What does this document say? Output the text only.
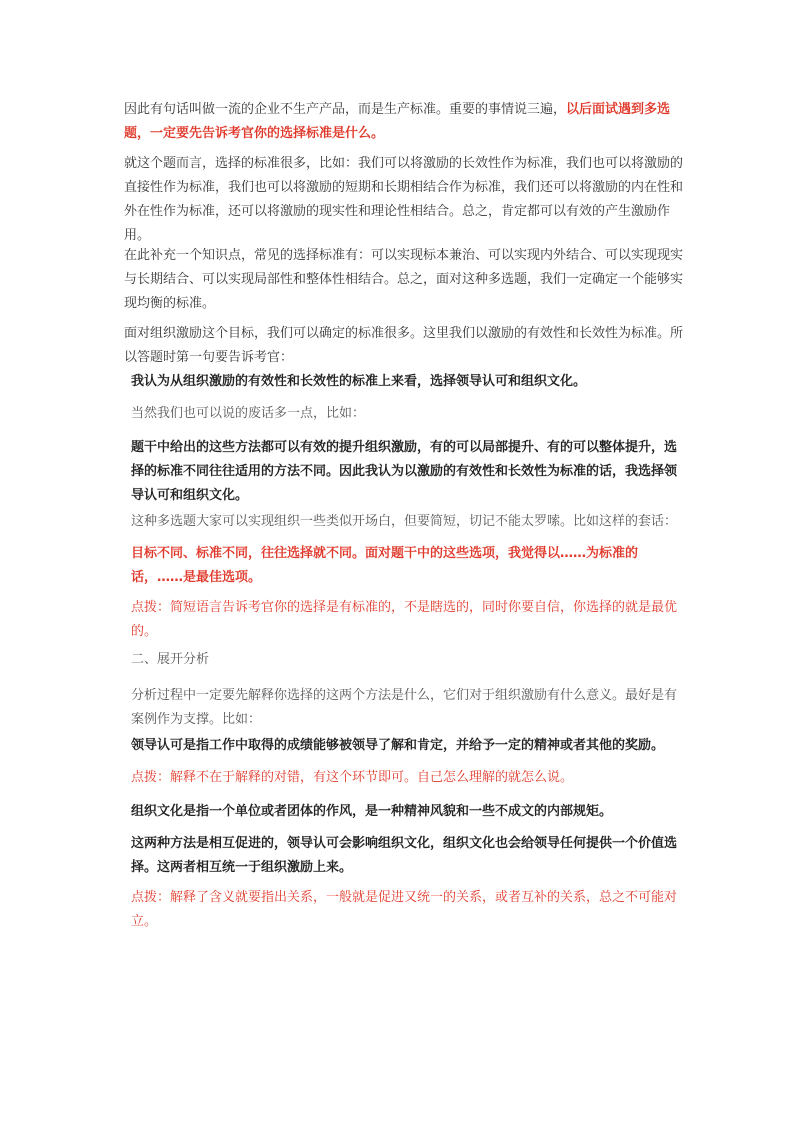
因此有句话叫做一流的企业不生产产品，而是生产标准。重要的事情说三遍，以后面试遇到多选题，一定要先告诉考官你的选择标准是什么。

就这个题而言，选择的标准很多，比如：我们可以将激励的长效性作为标准，我们也可以将激励的直接性作为标准，我们也可以将激励的短期和长期相结合作为标准，我们还可以将激励的内在性和外在性作为标准，还可以将激励的现实性和理论性相结合。总之，肯定都可以有效的产生激励作用。

在此补充一个知识点，常见的选择标准有：可以实现标本兼治、可以实现内外结合、可以实现现实与长期结合、可以实现局部性和整体性相结合。总之，面对这种多选题，我们一定确定一个能够实现均衡的标准。

面对组织激励这个目标，我们可以确定的标准很多。这里我们以激励的有效性和长效性为标准。所以答题时第一句要告诉考官：

我认为从组织激励的有效性和长效性的标准上来看，选择领导认可和组织文化。

当然我们也可以说的废话多一点，比如：

题干中给出的这些方法都可以有效的提升组织激励，有的可以局部提升、有的可以整体提升，选择的标准不同往往适用的方法不同。因此我认为以激励的有效性和长效性为标准的话，我选择领导认可和组织文化。

这种多选题大家可以实现组织一些类似开场白，但要简短，切记不能太罗嗦。比如这样的套话：

目标不同、标准不同，往往选择就不同。面对题干中的这些选项，我觉得以……为标准的话，……是最佳选项。

点拨：简短语言告诉考官你的选择是有标准的，不是瞎选的，同时你要自信，你选择的就是最优的。

二、展开分析

分析过程中一定要先解释你选择的这两个方法是什么，它们对于组织激励有什么意义。最好是有案例作为支撑。比如：

领导认可是指工作中取得的成绩能够被领导了解和肯定，并给予一定的精神或者其他的奖励。

点拨：解释不在于解释的对错，有这个环节即可。自己怎么理解的就怎么说。

组织文化是指一个单位或者团体的作风，是一种精神风貌和一些不成文的内部规矩。

这两种方法是相互促进的，领导认可会影响组织文化，组织文化也会给领导任何提供一个价值选择。这两者相互统一于组织激励上来。

点拨：解释了含义就要指出关系，一般就是促进又统一的关系，或者互补的关系，总之不可能对立。
